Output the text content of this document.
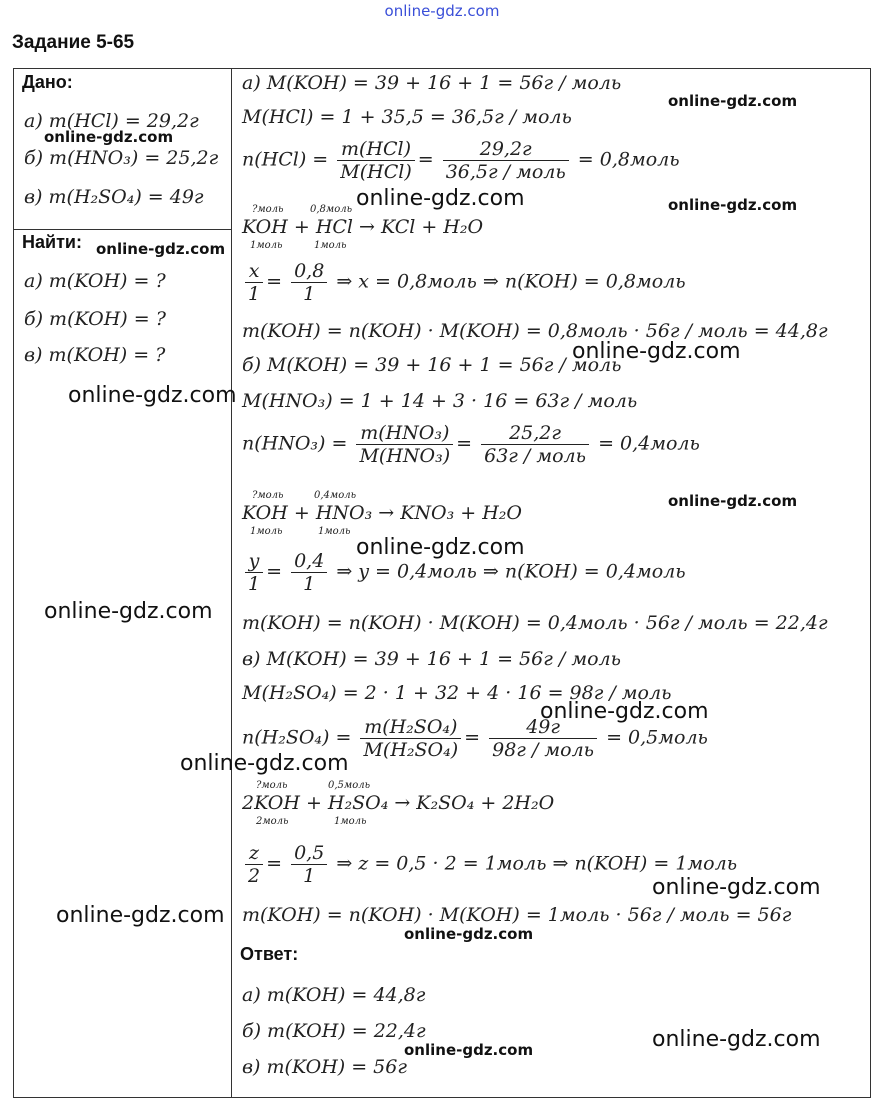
online-gdz.com
Задание 5-65
Дано:
а) m(HCl) = 29,2г
б) m(HNO₃) = 25,2г
в) m(H₂SO₄) = 49г
Найти:
а) m(KOH) = ?
б) m(KOH) = ?
в) m(KOH) = ?
а) M(KOH) = 39 + 16 + 1 = 56г / моль
M(HCl) = 1 + 35,5 = 36,5г / моль
$n(HCl) = \frac{\text{m(HCl)}}{\text{M(HCl)}} = \frac{29,2г}{\text{36,5г / моль}}$ = 0,8моль
?моль	0,8моль
KOH + HCl → KCl + H₂O
1моль	1моль
$\frac{x}{1} = \frac{0,8}{1}$ ⇒ x = 0,8моль ⇒ n(KOH) = 0,8моль
m(KOH) = n(KOH) · M(KOH) = 0,8моль · 56г / моль = 44,8г
б) M(KOH) = 39 + 16 + 1 = 56г / моль
M(HNO₃) = 1 + 14 + 3 · 16 = 63г / моль
$n(HNO_3) = \frac{\text{m(HNO₃)}}{\text{M(HNO₃)}} = \frac{25,2г}{\text{63г / моль}}$ = 0,4моль
?моль	0,4моль
KOH + HNO₃ → KNO₃ + H₂O
1моль	1моль
$\frac{y}{1} = \frac{0,4}{1}$ ⇒ y = 0,4моль ⇒ n(KOH) = 0,4моль
m(KOH) = n(KOH) · M(KOH) = 0,4моль · 56г / моль = 22,4г
в) M(KOH) = 39 + 16 + 1 = 56г / моль
M(H₂SO₄) = 2 · 1 + 32 + 4 · 16 = 98г / моль
$n(H_2SO_4) = \frac{\text{m(H₂SO₄)}}{\text{M(H₂SO₄)}} = \frac{49г}{\text{98г / моль}}$ = 0,5моль
?моль	0,5моль
2KOH + H₂SO₄ → K₂SO₄ + 2H₂O
2моль	1моль
$\frac{z}{2} = \frac{0,5}{1}$ ⇒ z = 0,5 · 2 = 1моль ⇒ n(KOH) = 1моль
m(KOH) = n(KOH) · M(KOH) = 1моль · 56г / моль = 56г
Ответ:
а) m(KOH) = 44,8г
б) m(KOH) = 22,4г
в) m(KOH) = 56г
online-gdz.com
online-gdz.com
online-gdz.com
online-gdz.com
online-gdz.com
online-gdz.com
online-gdz.com
online-gdz.com	online-gdz.com
online-gdz.com
online-gdz.com
online-gdz.com
online-gdz.com
online-gdz.com
online-gdz.com
online-gdz.com
online-gdz.com
